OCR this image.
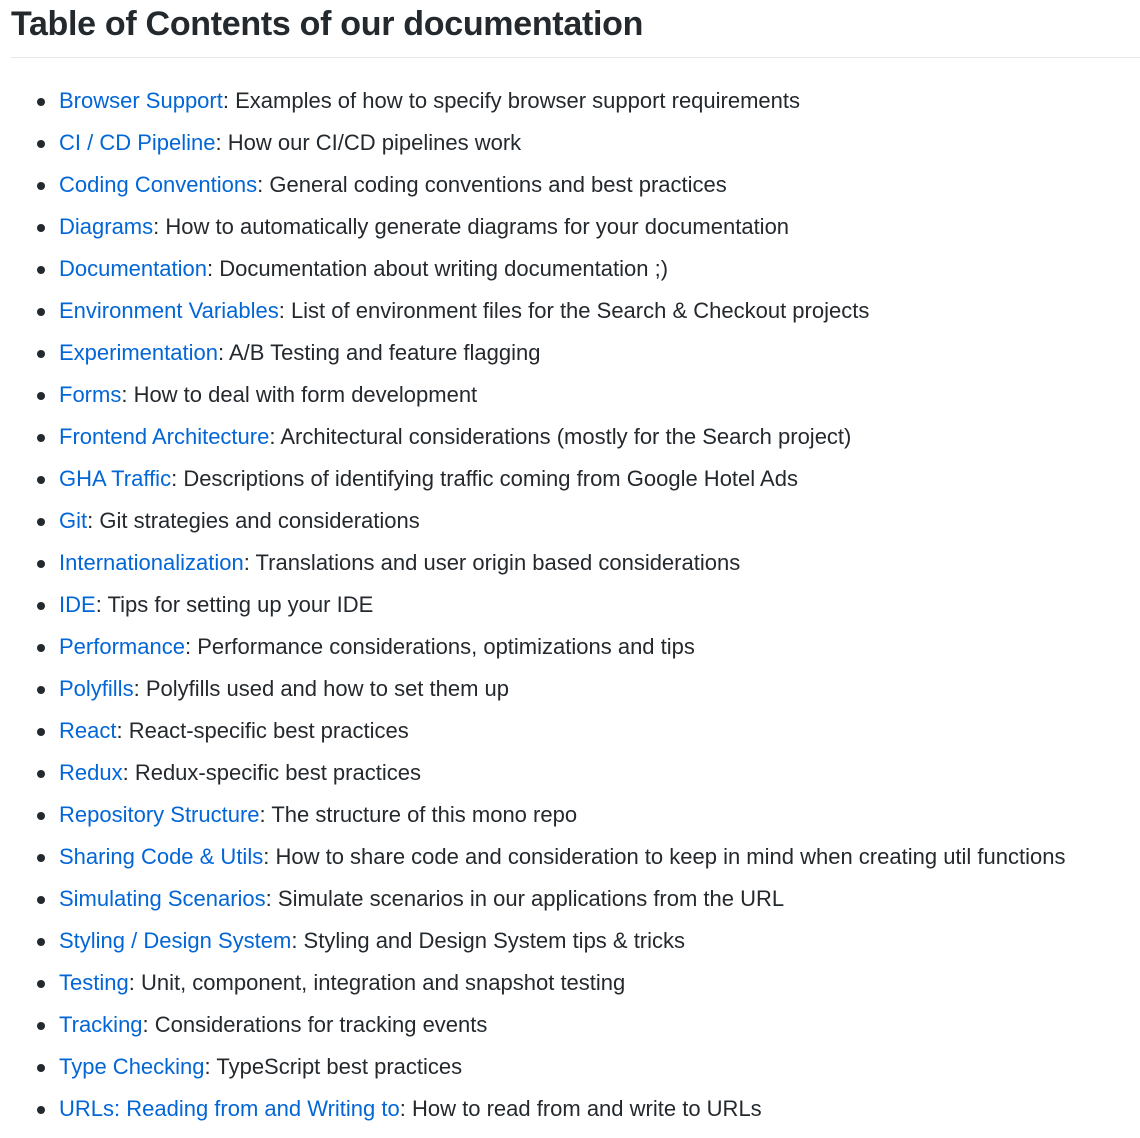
Table of Contents of our documentation
Browser Support: Examples of how to specify browser support requirements
CI / CD Pipeline: How our CI/CD pipelines work
Coding Conventions: General coding conventions and best practices
Diagrams: How to automatically generate diagrams for your documentation
Documentation: Documentation about writing documentation ;)
Environment Variables: List of environment files for the Search & Checkout projects
Experimentation: A/B Testing and feature flagging
Forms: How to deal with form development
Frontend Architecture: Architectural considerations (mostly for the Search project)
GHA Traffic: Descriptions of identifying traffic coming from Google Hotel Ads
Git: Git strategies and considerations
Internationalization: Translations and user origin based considerations
IDE: Tips for setting up your IDE
Performance: Performance considerations, optimizations and tips
Polyfills: Polyfills used and how to set them up
React: React-specific best practices
Redux: Redux-specific best practices
Repository Structure: The structure of this mono repo
Sharing Code & Utils: How to share code and consideration to keep in mind when creating util functions
Simulating Scenarios: Simulate scenarios in our applications from the URL
Styling / Design System: Styling and Design System tips & tricks
Testing: Unit, component, integration and snapshot testing
Tracking: Considerations for tracking events
Type Checking: TypeScript best practices
URLs: Reading from and Writing to: How to read from and write to URLs
